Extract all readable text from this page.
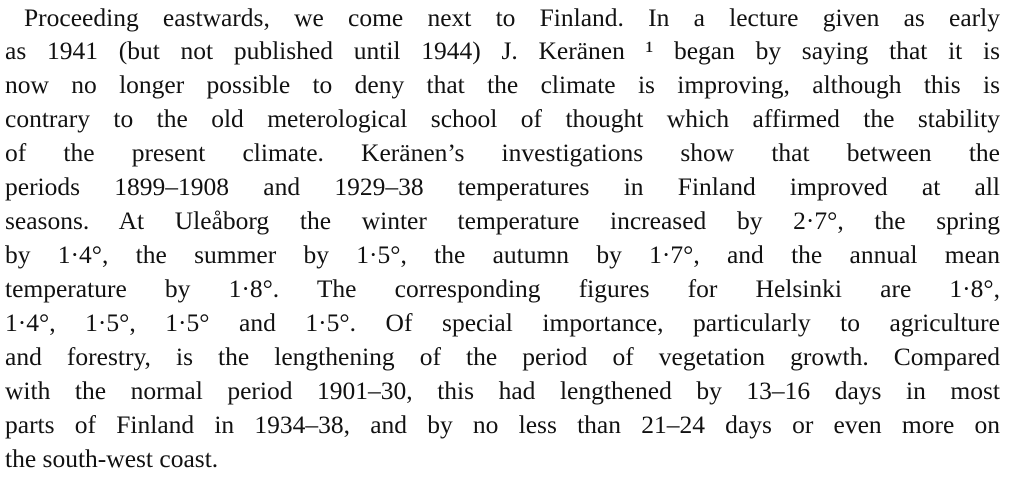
Proceeding eastwards, we come next to Finland. In a lecture given as early
as 1941 (but not published until 1944) J. Keränen ¹ began by saying that it is
now no longer possible to deny that the climate is improving, although this is
contrary to the old meterological school of thought which affirmed the stability
of the present climate. Keränen’s investigations show that between the
periods 1899–1908 and 1929–38 temperatures in Finland improved at all
seasons. At Uleåborg the winter temperature increased by 2·7°, the spring
by 1·4°, the summer by 1·5°, the autumn by 1·7°, and the annual mean
temperature by 1·8°. The corresponding figures for Helsinki are 1·8°,
1·4°, 1·5°, 1·5° and 1·5°. Of special importance, particularly to agriculture
and forestry, is the lengthening of the period of vegetation growth. Compared
with the normal period 1901–30, this had lengthened by 13–16 days in most
parts of Finland in 1934–38, and by no less than 21–24 days or even more on
the south-west coast.
